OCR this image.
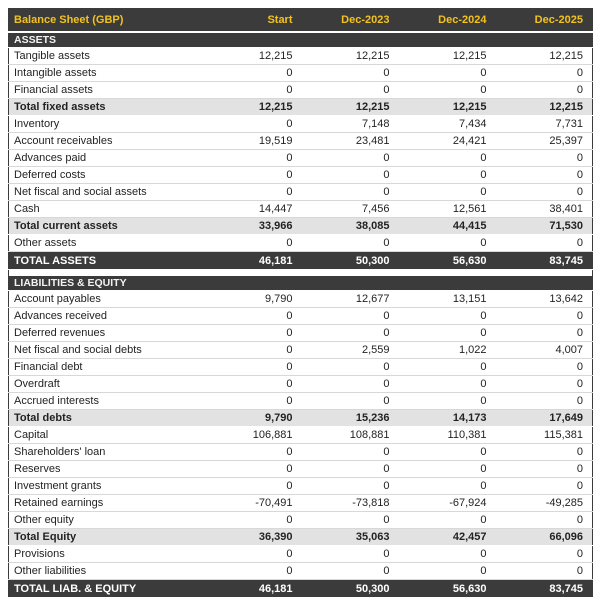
Balance Sheet (GBP)	Start	Dec-2023	Dec-2024	Dec-2025
ASSETS				
Tangible assets	12,215	12,215	12,215	12,215
Intangible assets	0	0	0	0
Financial assets	0	0	0	0
Total fixed assets	12,215	12,215	12,215	12,215
Inventory	0	7,148	7,434	7,731
Account receivables	19,519	23,481	24,421	25,397
Advances paid	0	0	0	0
Deferred costs	0	0	0	0
Net fiscal and social assets	0	0	0	0
Cash	14,447	7,456	12,561	38,401
Total current assets	33,966	38,085	44,415	71,530
Other assets	0	0	0	0
TOTAL ASSETS	46,181	50,300	56,630	83,745

LIABILITIES & EQUITY				
Account payables	9,790	12,677	13,151	13,642
Advances received	0	0	0	0
Deferred revenues	0	0	0	0
Net fiscal and social debts	0	2,559	1,022	4,007
Financial debt	0	0	0	0
Overdraft	0	0	0	0
Accrued interests	0	0	0	0
Total debts	9,790	15,236	14,173	17,649
Capital	106,881	108,881	110,381	115,381
Shareholders' loan	0	0	0	0
Reserves	0	0	0	0
Investment grants	0	0	0	0
Retained earnings	-70,491	-73,818	-67,924	-49,285
Other equity	0	0	0	0
Total Equity	36,390	35,063	42,457	66,096
Provisions	0	0	0	0
Other liabilities	0	0	0	0
TOTAL LIAB. & EQUITY	46,181	50,300	56,630	83,745
